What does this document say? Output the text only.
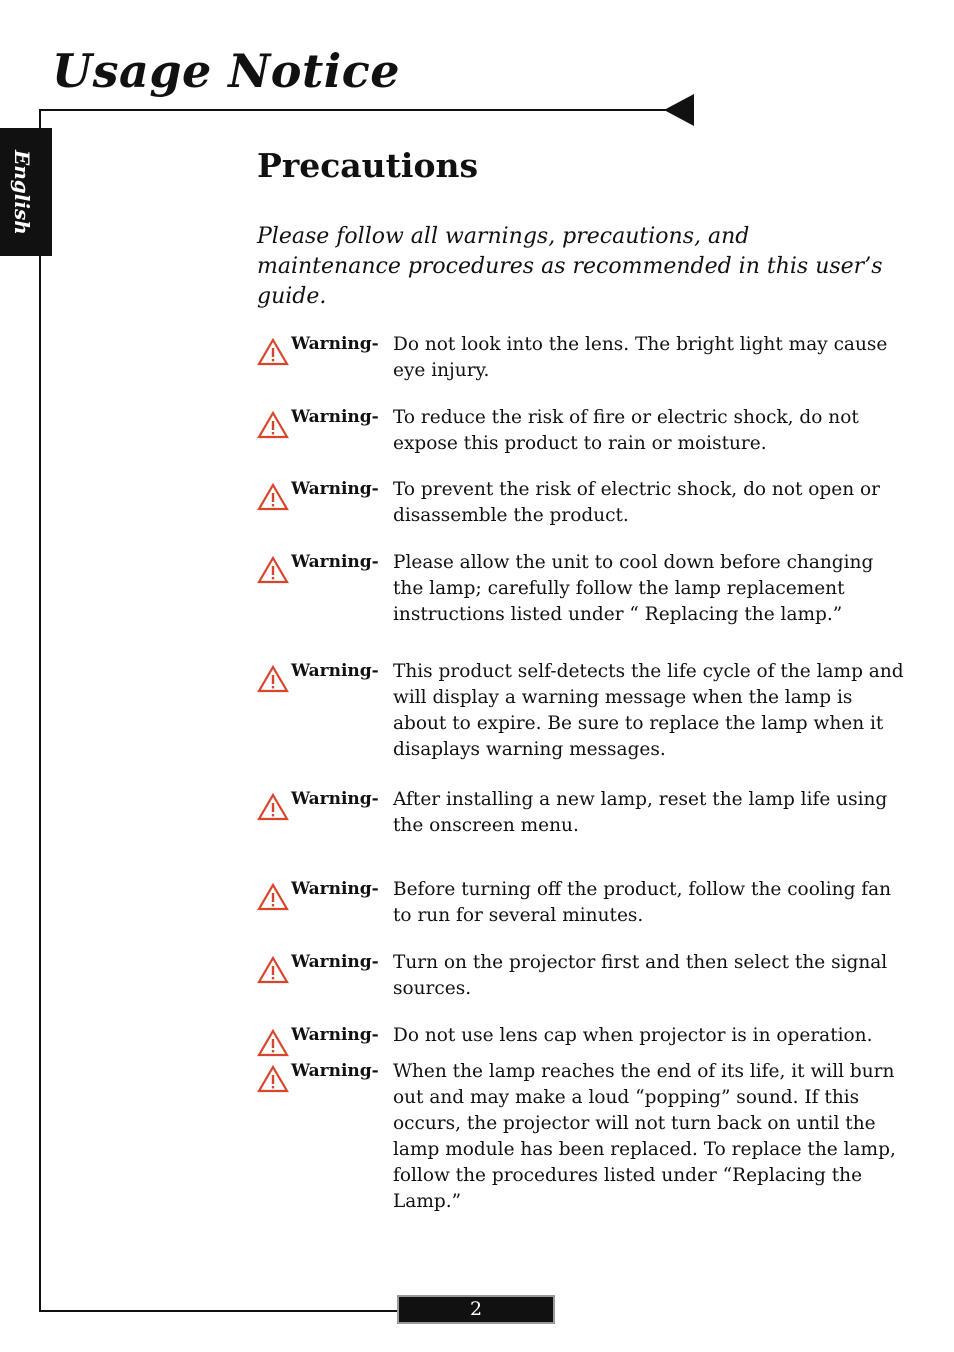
Usage Notice
English	Precautions

Please follow all warnings, precautions, and maintenance procedures as recommended in this user’s guide.

Warning- Do not look into the lens. The bright light may cause eye injury.

Warning- To reduce the risk of fire or electric shock, do not expose this product to rain or moisture.

Warning- To prevent the risk of electric shock, do not open or disassemble the product.

Warning- Please allow the unit to cool down before changing the lamp; carefully follow the lamp replacement instructions listed under “ Replacing the lamp.”

Warning- This product self-detects the life cycle of the lamp and will display a warning message when the lamp is about to expire. Be sure to replace the lamp when it disaplays warning messages.

Warning- After installing a new lamp, reset the lamp life using the onscreen menu.

Warning- Before turning off the product, follow the cooling fan to run for several minutes.

Warning- Turn on the projector first and then select the signal sources.

Warning- Do not use lens cap when projector is in operation.

Warning- When the lamp reaches the end of its life, it will burn out and may make a loud “popping” sound. If this occurs, the projector will not turn back on until the lamp module has been replaced. To replace the lamp, follow the procedures listed under “Replacing the Lamp.”

2
